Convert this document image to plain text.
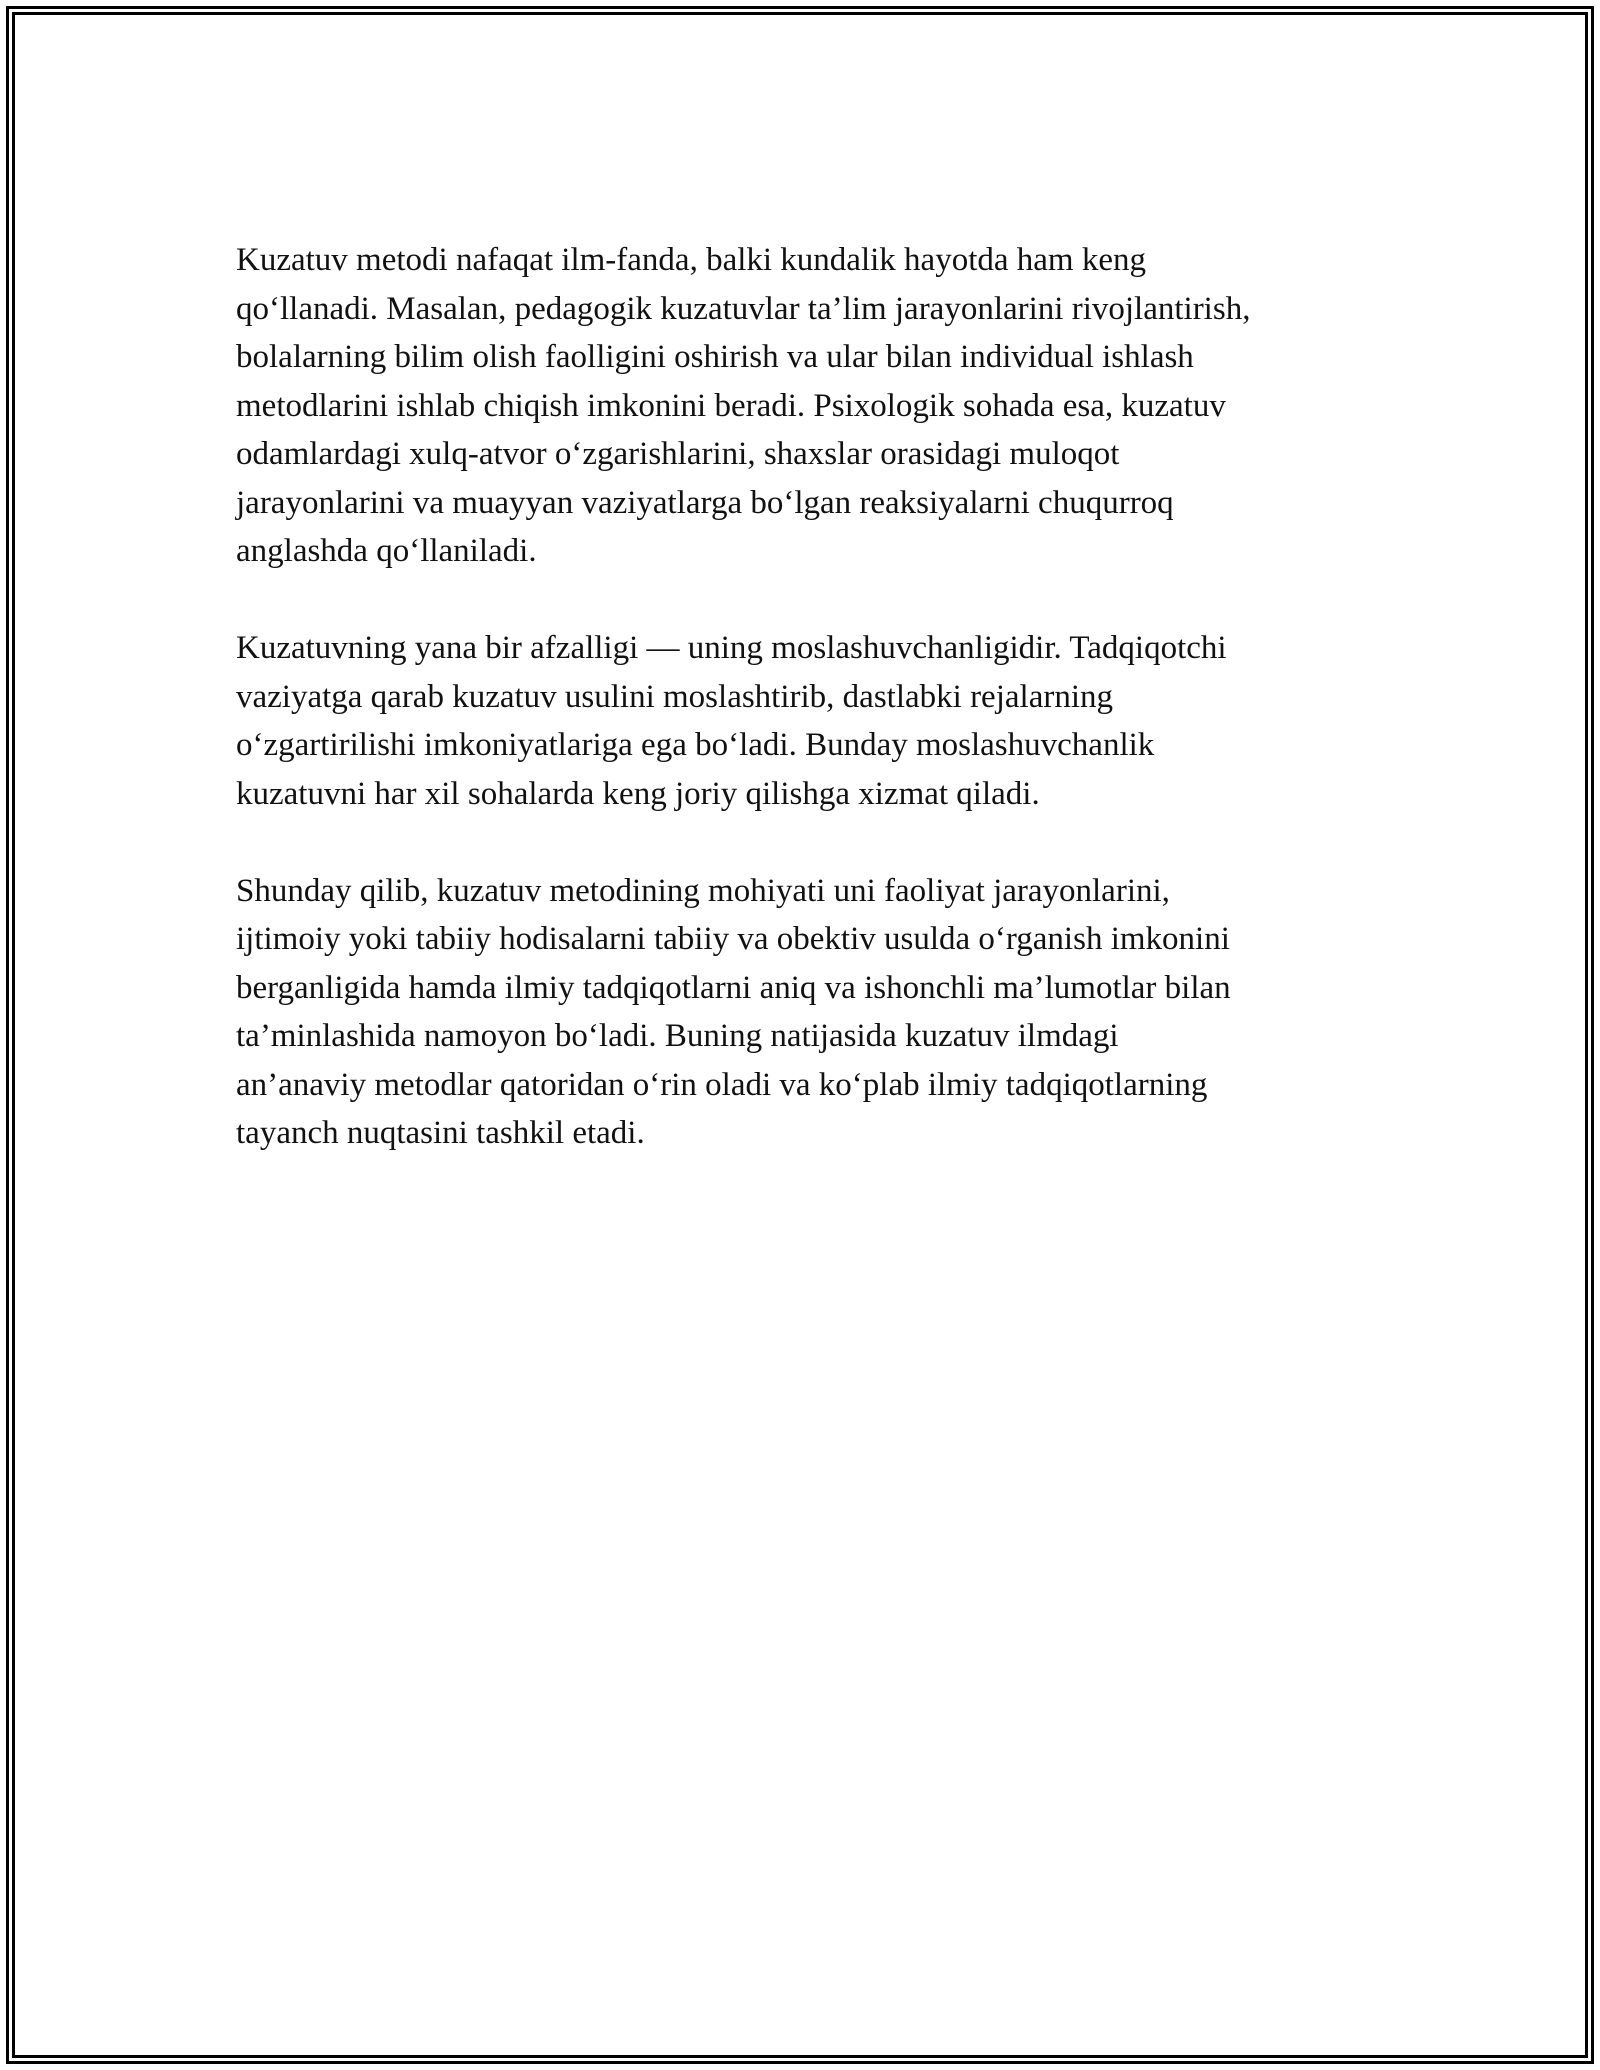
Kuzatuv metodi nafaqat ilm-fanda, balki kundalik hayotda ham keng
qo‘llanadi. Masalan, pedagogik kuzatuvlar ta’lim jarayonlarini rivojlantirish,
bolalarning bilim olish faolligini oshirish va ular bilan individual ishlash
metodlarini ishlab chiqish imkonini beradi. Psixologik sohada esa, kuzatuv
odamlardagi xulq-atvor o‘zgarishlarini, shaxslar orasidagi muloqot
jarayonlarini va muayyan vaziyatlarga bo‘lgan reaksiyalarni chuqurroq
anglashda qo‘llaniladi.

Kuzatuvning yana bir afzalligi — uning moslashuvchanligidir. Tadqiqotchi
vaziyatga qarab kuzatuv usulini moslashtirib, dastlabki rejalarning
o‘zgartirilishi imkoniyatlariga ega bo‘ladi. Bunday moslashuvchanlik
kuzatuvni har xil sohalarda keng joriy qilishga xizmat qiladi.

Shunday qilib, kuzatuv metodining mohiyati uni faoliyat jarayonlarini,
ijtimoiy yoki tabiiy hodisalarni tabiiy va obektiv usulda o‘rganish imkonini
berganligida hamda ilmiy tadqiqotlarni aniq va ishonchli ma’lumotlar bilan
ta’minlashida namoyon bo‘ladi. Buning natijasida kuzatuv ilmdagi
an’anaviy metodlar qatoridan o‘rin oladi va ko‘plab ilmiy tadqiqotlarning
tayanch nuqtasini tashkil etadi.
